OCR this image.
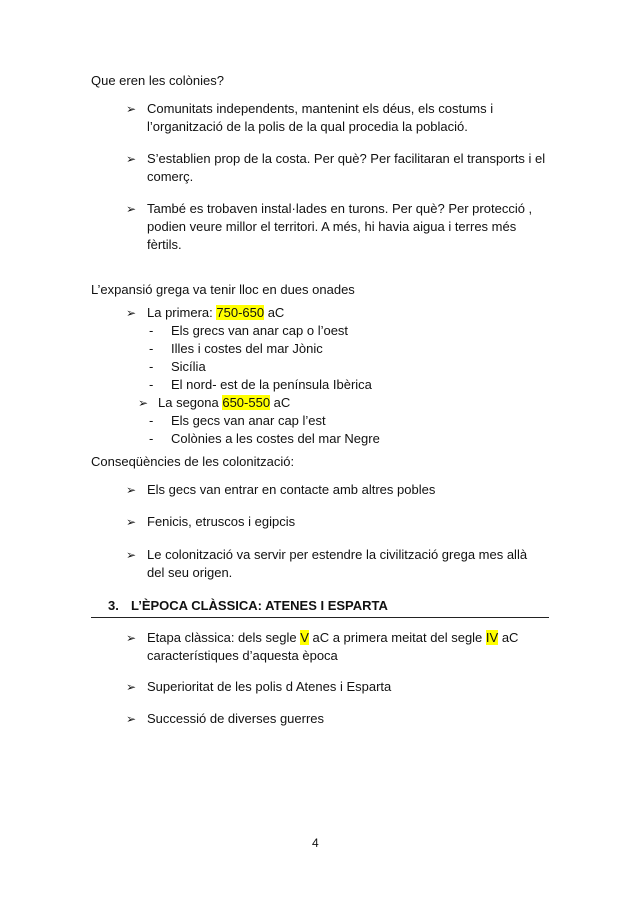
Que eren les colònies?
➢ Comunitats independents, mantenint els déus, els costums i
l’organització de la polis de la qual procedia la població.
➢ S’establien prop de la costa. Per què? Per facilitaran el transports i el
comerç.
➢ També es trobaven instal·lades en turons. Per què? Per protecció ,
podien veure millor el territori. A més, hi havia aigua i terres més
fèrtils.
L’expansió grega va tenir lloc en dues onades
➢ La primera: 750-650 aC
- Els grecs van anar cap o l’oest
- Illes i costes del mar Jònic
- Sicília
- El nord- est de la península Ibèrica
➢ La segona 650-550 aC
- Els gecs van anar cap l’est
- Colònies a les costes del mar Negre
Conseqüències de les colonització:
➢ Els gecs van entrar en contacte amb altres pobles
➢ Fenicis, etruscos i egipcis
➢ Le colonització va servir per estendre la civilització grega mes allà
del seu origen.
3. L’ÈPOCA CLÀSSICA: ATENES I ESPARTA
➢ Etapa clàssica: dels segle V aC a primera meitat del segle IV aC
característiques d’aquesta època
➢ Superioritat de les polis d Atenes i Esparta
➢ Successió de diverses guerres
4
